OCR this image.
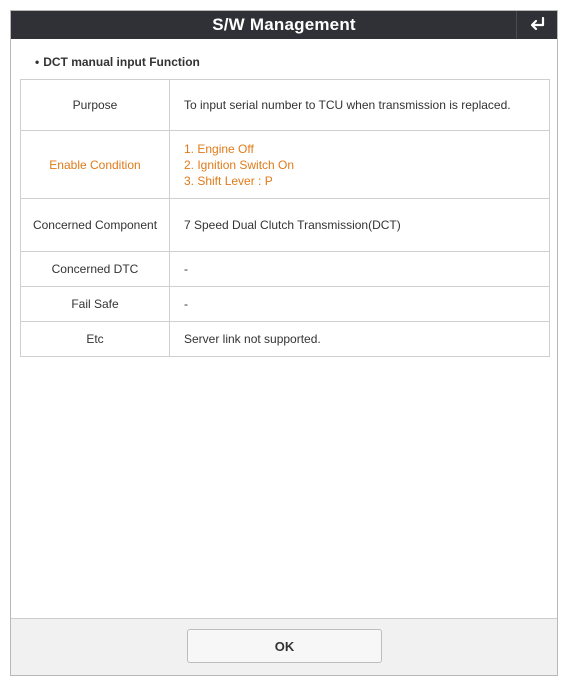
S/W Management
• DCT manual input Function
Purpose	To input serial number to TCU when transmission is replaced.
Enable Condition	1. Engine Off
2. Ignition Switch On
3. Shift Lever : P

Concerned Component	7 Speed Dual Clutch Transmission(DCT)
Concerned DTC	-
Fail Safe	-
Etc	Server link not supported.
OK
